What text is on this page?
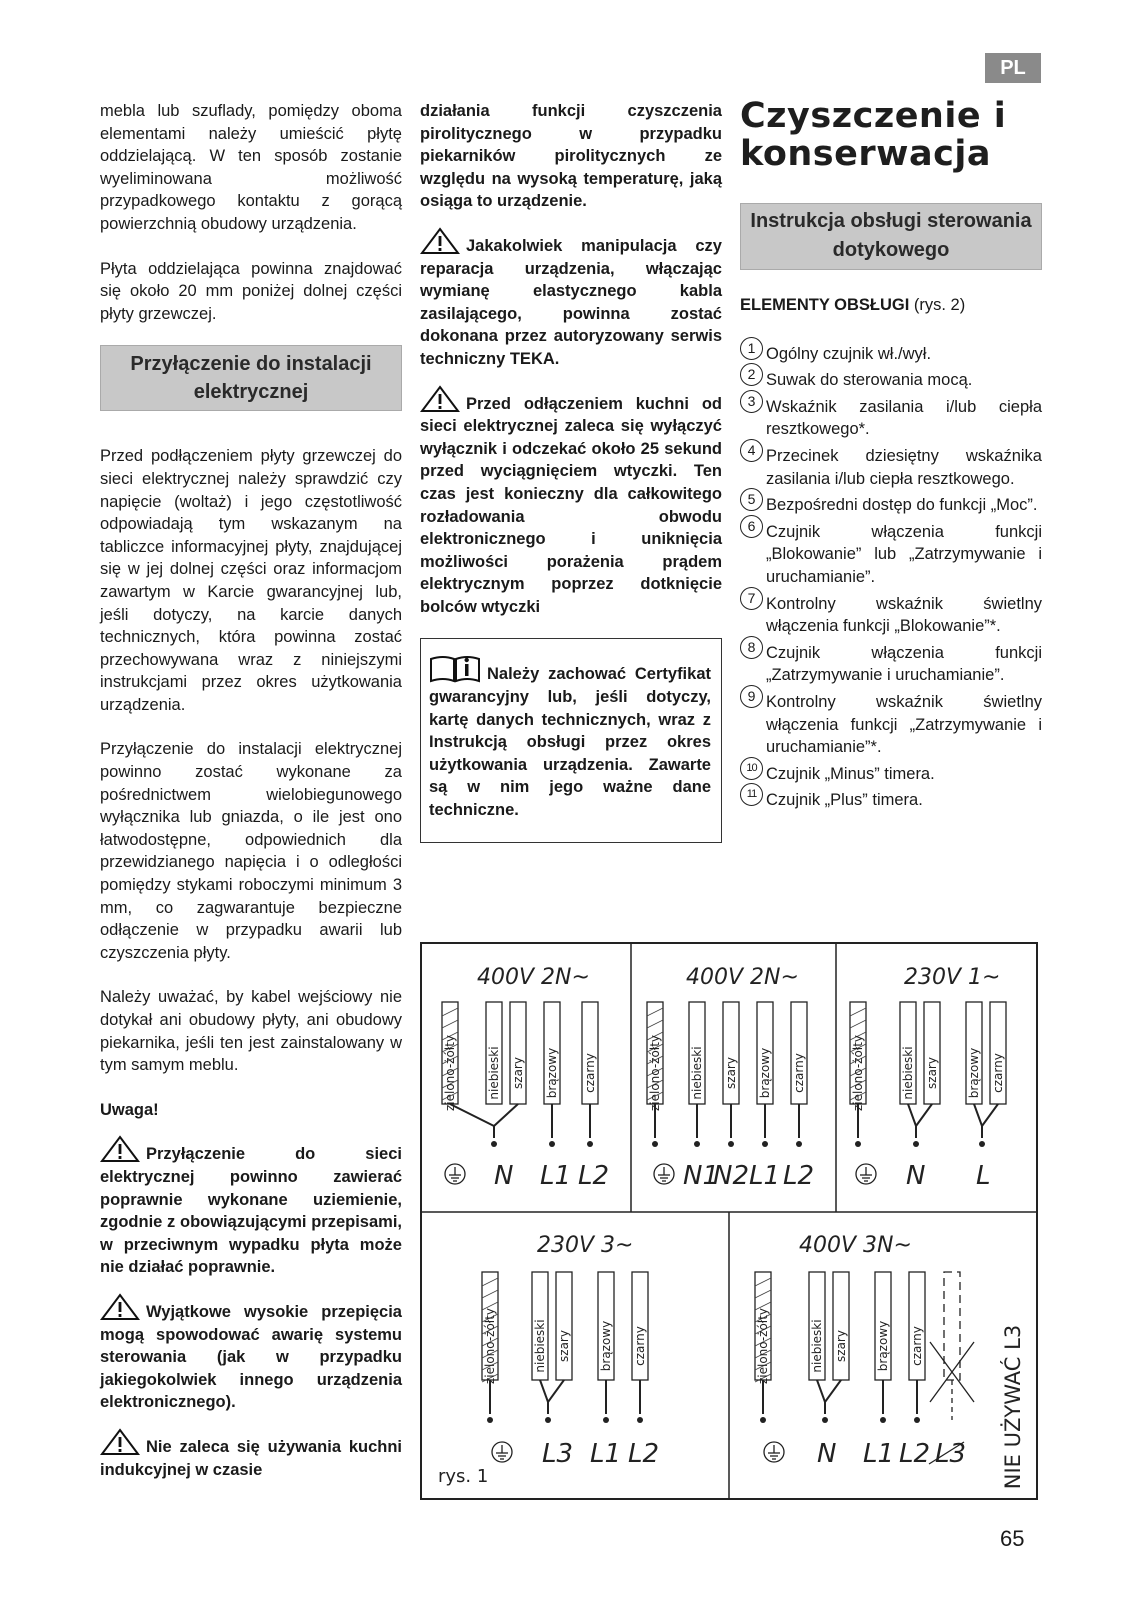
PL

mebla lub szuflady, pomiędzy oboma elementami należy umieścić płytę oddzielającą. W ten sposób zostanie wyeliminowana możliwość przypadkowego kontaktu z gorącą powierzchnią obudowy urządzenia.

Płyta oddzielająca powinna znajdować się około 20 mm poniżej dolnej części płyty grzewczej.

Przyłączenie do instalacji elektrycznej

Przed podłączeniem płyty grzewczej do sieci elektrycznej należy sprawdzić czy napięcie (woltaż) i jego częstotliwość odpowiadają tym wskazanym na tabliczce informacyjnej płyty, znajdującej się w jej dolnej części oraz informacjom zawartym w Karcie gwarancyjnej lub, jeśli dotyczy, na karcie danych technicznych, która powinna zostać przechowywana wraz z niniejszymi instrukcjami przez okres użytkowania urządzenia.

Przyłączenie do instalacji elektrycznej powinno zostać wykonane za pośrednictwem wielobiegunowego wyłącznika lub gniazda, o ile jest ono łatwodostępne, odpowiednich dla przewidzianego napięcia i o odległości pomiędzy stykami roboczymi minimum 3 mm, co zagwarantuje bezpieczne odłączenie w przypadku awarii lub czyszczenia płyty.

Należy uważać, by kabel wejściowy nie dotykał ani obudowy płyty, ani obudowy piekarnika, jeśli ten jest zainstalowany w tym samym meblu.

Uwaga!

Przyłączenie do sieci elektrycznej powinno zawierać poprawnie wykonane uziemienie, zgodnie z obowiązującymi przepisami, w przeciwnym wypadku płyta może nie działać poprawnie.

Wyjątkowe wysokie przepięcia mogą spowodować awarię systemu sterowania (jak w przypadku jakiegokolwiek innego urządzenia elektronicznego).

Nie zaleca się używania kuchni indukcyjnej w czasie

działania funkcji czyszczenia pirolitycznego w przypadku piekarników pirolitycznych ze względu na wysoką temperaturę, jaką osiąga to urządzenie.

Jakakolwiek manipulacja czy reparacja urządzenia, włączając wymianę elastycznego kabla zasilającego, powinna zostać dokonana przez autoryzowany serwis techniczny TEKA.

Przed odłączeniem kuchni od sieci elektrycznej zaleca się wyłączyć wyłącznik i odczekać około 25 sekund przed wyciągnięciem wtyczki. Ten czas jest konieczny dla całkowitego rozładowania obwodu elektronicznego i uniknięcia możliwości porażenia prądem elektrycznym poprzez dotknięcie bolców wtyczki

Należy zachować Certyfikat gwarancyjny lub, jeśli dotyczy, kartę danych technicznych, wraz z Instrukcją obsługi przez okres użytkowania urządzenia. Zawarte są w nim jego ważne dane techniczne.
Czyszczenie i konserwacja
Instrukcja obsługi sterowania dotykowego

ELEMENTY OBSŁUGI (rys. 2)

1 Ogólny czujnik wł./wył.
2 Suwak do sterowania mocą.
3 Wskaźnik zasilania i/lub ciepła resztkowego*.
4 Przecinek dziesiętny wskaźnika zasilania i/lub ciepła resztkowego.
5 Bezpośredni dostęp do funkcji „Moc”.
6 Czujnik włączenia funkcji „Blokowanie” lub „Zatrzymywanie i uruchamianie”.
7 Kontrolny wskaźnik świetlny włączenia funkcji „Blokowanie”*.
8 Czujnik włączenia funkcji „Zatrzymywanie i uruchamianie”.
9 Kontrolny wskaźnik świetlny włączenia funkcji „Zatrzymywanie i uruchamianie”*.
10 Czujnik „Minus” timera.
11 Czujnik „Plus” timera.
400V 2N~
zielono-żółty	niebieski szary brązowy czarny
N L1 L2
400V 2N~
zielono-żółty niebieski szary brązowy czarny
N1
N2 L1 L2
230V 1~
zielono-żółty	niebieski szary brązowy czarny
N L
230V 3~
zielono-żółty	niebieski szary brązowy czarny
L3 L1 L2
400V 3N~
zielono-żółty	niebieski szary brązowy czarny
N L1 L2 L3 NIE UŻYWAĆ L3
rys. 1
65
